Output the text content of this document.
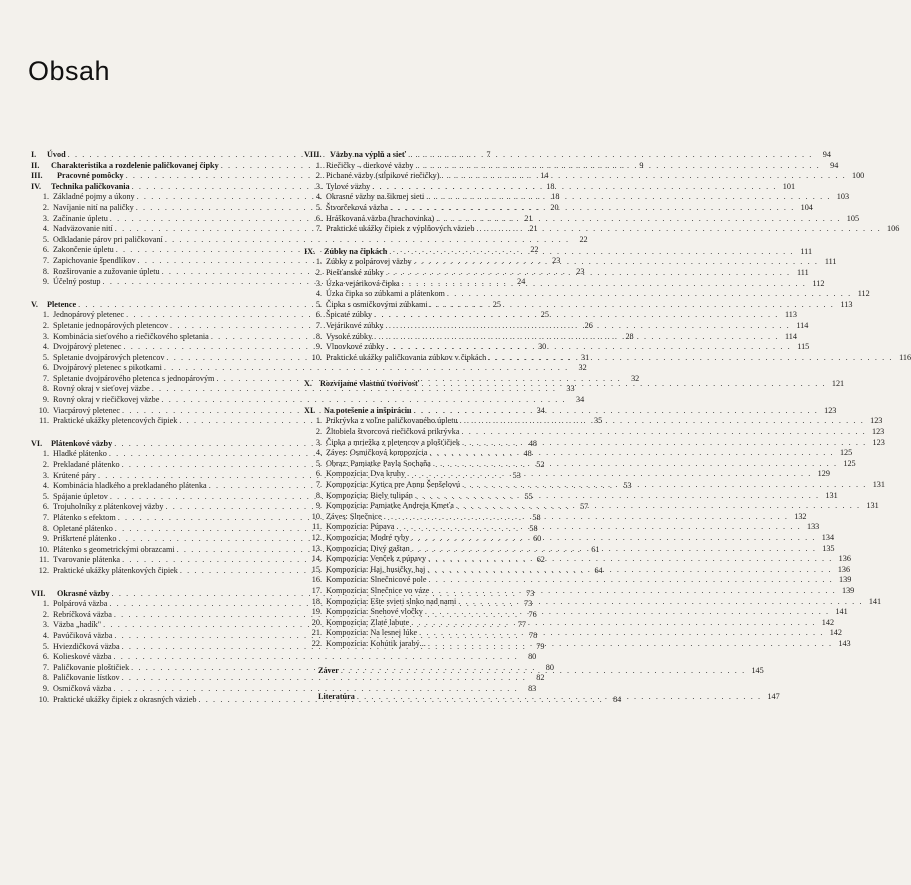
Obsah
I.	Úvod . . .	7
II.	Charakteristika a rozdelenie paličkovanej čipky . . .	9
III.	Pracovné pomôcky . . .	14
IV.	Technika paličkovania . . .	18
1. Základné pojmy a úkony . . .	18
2. Navíjanie nití na paličky . . .	20
3. Začínanie úpletu . . .	21
4. Nadväzovanie nití . . .	21
5. Odkladanie párov pri paličkovaní . . .	22
6. Zakončenie úpletu . . .	22
7. Zapichovanie špendlíkov . . .	23
8. Rozširovanie a zužovanie úpletu . . .	23
9. Účelný postup . . .	24
V.	Pletence . . .	25
1. Jednopárový pletenec . . .	25
2. Spletanie jednopárových pletencov . . .	26
3. Kombinácia sieťového a riečičkového spletania . . .	28
4. Dvojpárový pletenec . . .	30
5. Spletanie dvojpárových pletencov . . .	31
6. Dvojpárový pletenec s pikotkami . . .	32
7. Spletanie dvojpárového pletenca s jednopárovým . . .	32
8. Rovný okraj v sieťovej väzbe . . .	33
9. Rovný okraj v riečičkovej väzbe . . .	34
10. Viacpárový pletenec . . .	34
11. Praktické ukážky pletencových čipiek . . .	35
VI.	Plátenkové väzby . . .	48
1. Hladké plátenko . . .	48
2. Prekladané plátenko . . .	52
3. Krútené páry . . .	53
4. Kombinácia hladkého a prekladaného plátenka . . .	53
5. Spájanie úpletov . . .	55
6. Trojuholníky z plátenkovej väzby . . .	57
7. Plátenko s efektom . . .	58
8. Opletané plátenko . . .	58
9. Priškrtené plátenko . . .	60
10. Plátenko s geometrickými obrazcami . . .	61
11. Tvarovanie plátenka . . .	62
12. Praktické ukážky plátenkových čipiek . . .	64
VII.	Okrasné väzby . . .	73
1. Polpárová väzba . . .	73
2. Rebríčková väzba . . .	76
3. Väzba „hadík" . . .	77
4. Pavúčiková väzba . . .	78
5. Hviezdičková väzba . . .	79
6. Kolieskové väzba . . .	80
7. Paličkovanie ploštičiek . . .	80
8. Paličkovanie lístkov . . .	82
9. Osmičková väzba . . .	83
10. Praktické ukážky čipiek z okrasných väzieb . . .	84
VIII.	Väzby na výplň a sieť . . .	94
1. Riečičky – dierkové väzby . . .	94
2. Pichané väzby (stĺpikové riečičky) . . .	100
3. Tylové väzby . . .	101
4. Okrasné väzby na šikmej sieti . . .	103
5. Štvorčeková väzba . . .	104
6. Hráškovaná väzba (hrachovinka) . . .	105
7. Praktické ukážky čipiek z výplňových väzieb . . .	106
IX.	Zúbky na čipkách . . .	111
1. Zúbky z polpárovej väzby . . .	111
2. Piešťanské zúbky . . .	111
3. Úzka vejáriková čipka . . .	112
4. Úzka čipka so zúbkami a plátenkom . . .	112
5. Čipka s osmičkovými zúbkami . . .	113
6. Špicaté zúbky . . .	113
7. Vejárikové zúbky . . .	114
8. Vysoké zúbky . . .	114
9. Vlnovkové zúbky . . .	115
10. Praktické ukážky paličkovania zúbkov v čipkách . . .	116
X. Rozvíjame vlastnú tvorivosť . . .	121
XI.	Na potešenie a inšpiráciu . . .	123
1. Prikrývka z voľne paličkovaného úpletu . . .	123
2. Žltobiela štvorcová riečičková prikrývka . . .	123
3. Čipka a mriežka z pletencov a plošťičiek . . .	123
4. Záves: Osmičková kompozícia . . .	125
5. Obraz: Pamiatke Pavla Sochaňa . . .	125
6. Kompozícia: Dva kruhy . . .	129
7. Kompozícia: Kytica pre Annu Šenšelovú . . .	131
8. Kompozícia: Biely tulipán . . .	131
9. Kompozícia: Pamiatke Andreja Kmeťa . . .	131
10. Záves: Slnečnice . . .	132
11. Kompozícia: Púpava . . .	133
12. Kompozícia: Modré ryby . . .	134
13. Kompozícia: Divý gaštan . . .	135
14. Kompozícia: Venček z púpavy . . .	136
15. Kompozícia: Haj, husičky, haj . . .	136
16. Kompozícia: Slnečnicové pole . . .	139
17. Kompozícia: Slnečnice vo váze . . .	139
18. Kompozícia: Ešte svieti slnko nad nami . . .	141
19. Kompozícia: Snehové vločky . . .	141
20. Kompozícia: Zlaté labute . . .	142
21. Kompozícia: Na lesnej lúke . . .	142
22. Kompozícia: Kohútik jarabý... . . .	143
Záver . . .	145
Literatúra . . .	147
